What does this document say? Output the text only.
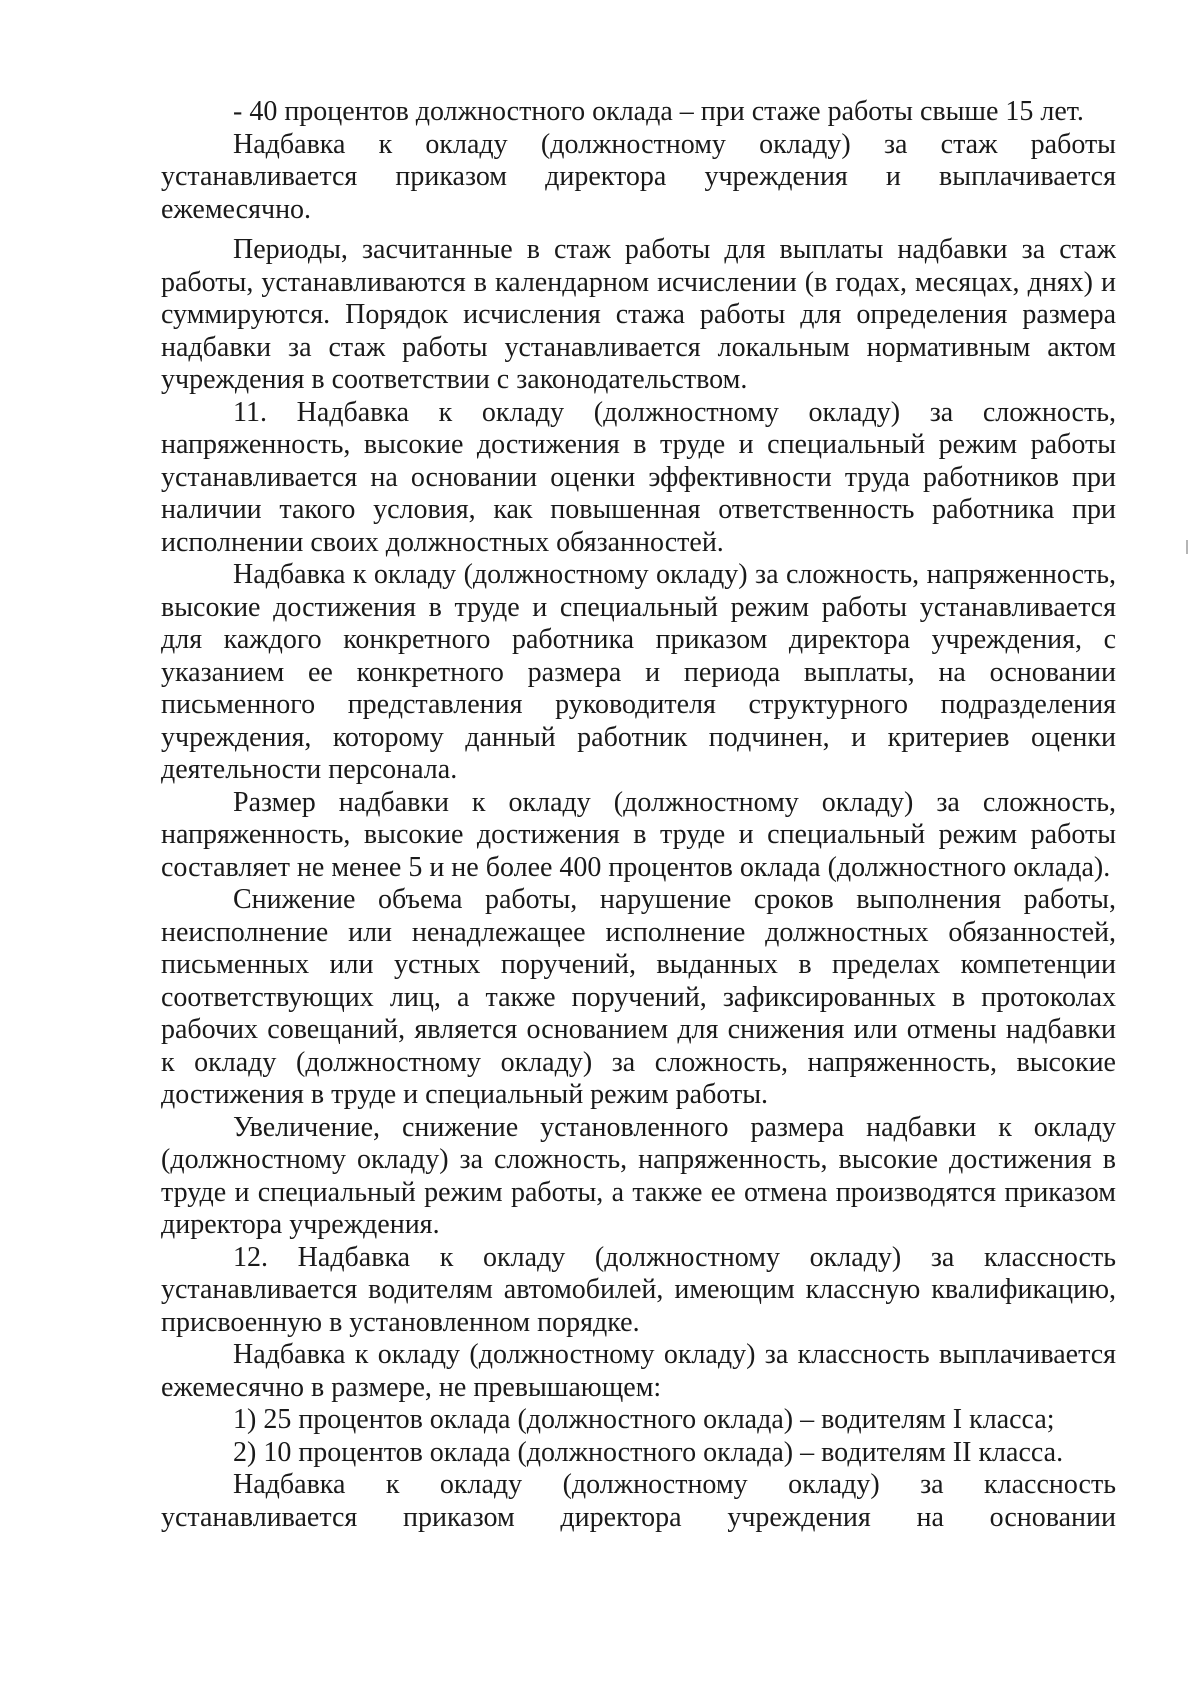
- 40 процентов должностного оклада – при стаже работы свыше 15 лет.

Надбавка к окладу (должностному окладу) за стаж работы устанавливается приказом директора учреждения и выплачивается ежемесячно.

Периоды, засчитанные в стаж работы для выплаты надбавки за стаж работы, устанавливаются в календарном исчислении (в годах, месяцах, днях) и суммируются. Порядок исчисления стажа работы для определения размера надбавки за стаж работы устанавливается локальным нормативным актом учреждения в соответствии с законодательством.

11. Надбавка к окладу (должностному окладу) за сложность, напряженность, высокие достижения в труде и специальный режим работы устанавливается на основании оценки эффективности труда работников при наличии такого условия, как повышенная ответственность работника при исполнении своих должностных обязанностей.

Надбавка к окладу (должностному окладу) за сложность, напряженность, высокие достижения в труде и специальный режим работы устанавливается для каждого конкретного работника приказом директора учреждения, с указанием ее конкретного размера и периода выплаты, на основании письменного представления руководителя структурного подразделения учреждения, которому данный работник подчинен, и критериев оценки деятельности персонала.

Размер надбавки к окладу (должностному окладу) за сложность, напряженность, высокие достижения в труде и специальный режим работы составляет не менее 5 и не более 400 процентов оклада (должностного оклада).

Снижение объема работы, нарушение сроков выполнения работы, неисполнение или ненадлежащее исполнение должностных обязанностей, письменных или устных поручений, выданных в пределах компетенции соответствующих лиц, а также поручений, зафиксированных в протоколах рабочих совещаний, является основанием для снижения или отмены надбавки к окладу (должностному окладу) за сложность, напряженность, высокие достижения в труде и специальный режим работы.

Увеличение, снижение установленного размера надбавки к окладу (должностному окладу) за сложность, напряженность, высокие достижения в труде и специальный режим работы, а также ее отмена производятся приказом директора учреждения.

12. Надбавка к окладу (должностному окладу) за классность устанавливается водителям автомобилей, имеющим классную квалификацию, присвоенную в установленном порядке.

Надбавка к окладу (должностному окладу) за классность выплачивается ежемесячно в размере, не превышающем:

1) 25 процентов оклада (должностного оклада) – водителям I класса;

2) 10 процентов оклада (должностного оклада) – водителям II класса.

Надбавка к окладу (должностному окладу) за классность устанавливается приказом директора учреждения на основании
